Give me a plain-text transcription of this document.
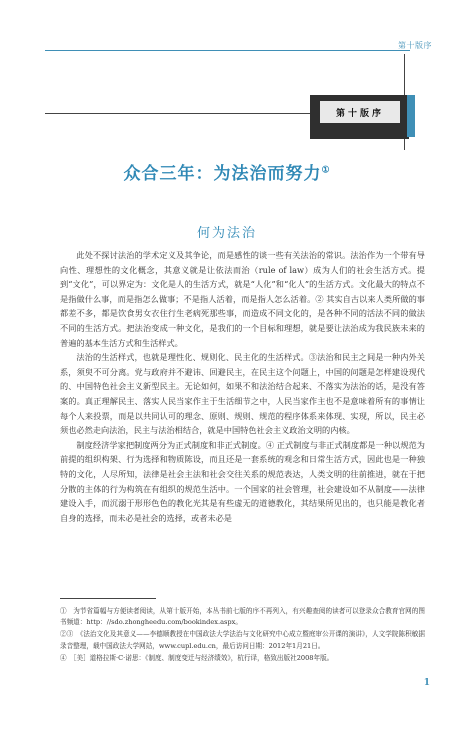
第十版序
第十版序
众合三年：为法治而努力①
何为法治

此处不探讨法治的学术定义及其争论，而是感性的谈一些有关法治的常识。法治作为一个带有导向性、理想性的文化概念，其意义就是让依法而治（rule of law）成为人们的社会生活方式。提到“文化”，可以界定为：文化是人的生活方式，就是“人化”和“化人”的生活方式。文化最大的特点不是指做什么事，而是指怎么做事；不是指人活着，而是指人怎么活着。② 其实自古以来人类所做的事都差不多，都是饮食男女衣住行生老病死那些事，而造成不同文化的，是各种不同的活法不同的做法不同的生活方式。把法治变成一种文化，是我们的一个目标和理想，就是要让法治成为我民族未来的普遍的基本生活方式和生活样式。

法治的生活样式，也就是理性化、规则化、民主化的生活样式。③法治和民主之间是一种内外关系，须臾不可分离。党与政府并不避讳、回避民主，在民主这个问题上，中国的问题是怎样建设现代的、中国特色社会主义新型民主。无论如何，如果不和法治结合起来、不落实为法治的话，是没有答案的。真正理解民主、落实人民当家作主于生活细节之中，人民当家作主也不是意味着所有的事情让每个人来投票，而是以共同认可的理念、原则、规则、规范的程序体系来体现、实现，所以，民主必须也必然走向法治，民主与法治相结合，就是中国特色社会主义政治文明的内核。

制度经济学家把制度两分为正式制度和非正式制度。④ 正式制度与非正式制度都是一种以规范为前提的组织构架、行为选择和物质陈设，而且还是一套系统的观念和日常生活方式，因此也是一种独特的文化，人尽所知，法律是社会主法和社会交往关系的规范表达，人类文明的往前推进，就在于把分散的主体的行为构筑在有组织的规范生活中。一个国家的社会管理，社会建设如不从制度——法律建设入手，而沉溺于形形色色的教化光其是有些虚无的道德教化，其结果所见出的，也只能是教化者自身的选择，而未必是社会的选择，或者未必是

①　为节省篇幅与方便读者阅读，从第十版开始，本丛书前七版的序不再列入，有兴趣查阅的读者可以登录众合教育官网的图书频道：http：//sdo.zhongheedu.com/bookindex.aspx。

②③　《法治文化及其意义——李德顺教授在中国政法大学法治与文化研究中心成立暨庭审公开课的演讲》，人文学院陈积敏据录音整理，载中国政法大学网站，www.cupl.edu.cn，最后访问日期：2012年1月21日。

④　［美］道格拉斯·C·诺思：《制度、制度变迁与经济绩效》，杭行译，格致出版社2008年版。

1
